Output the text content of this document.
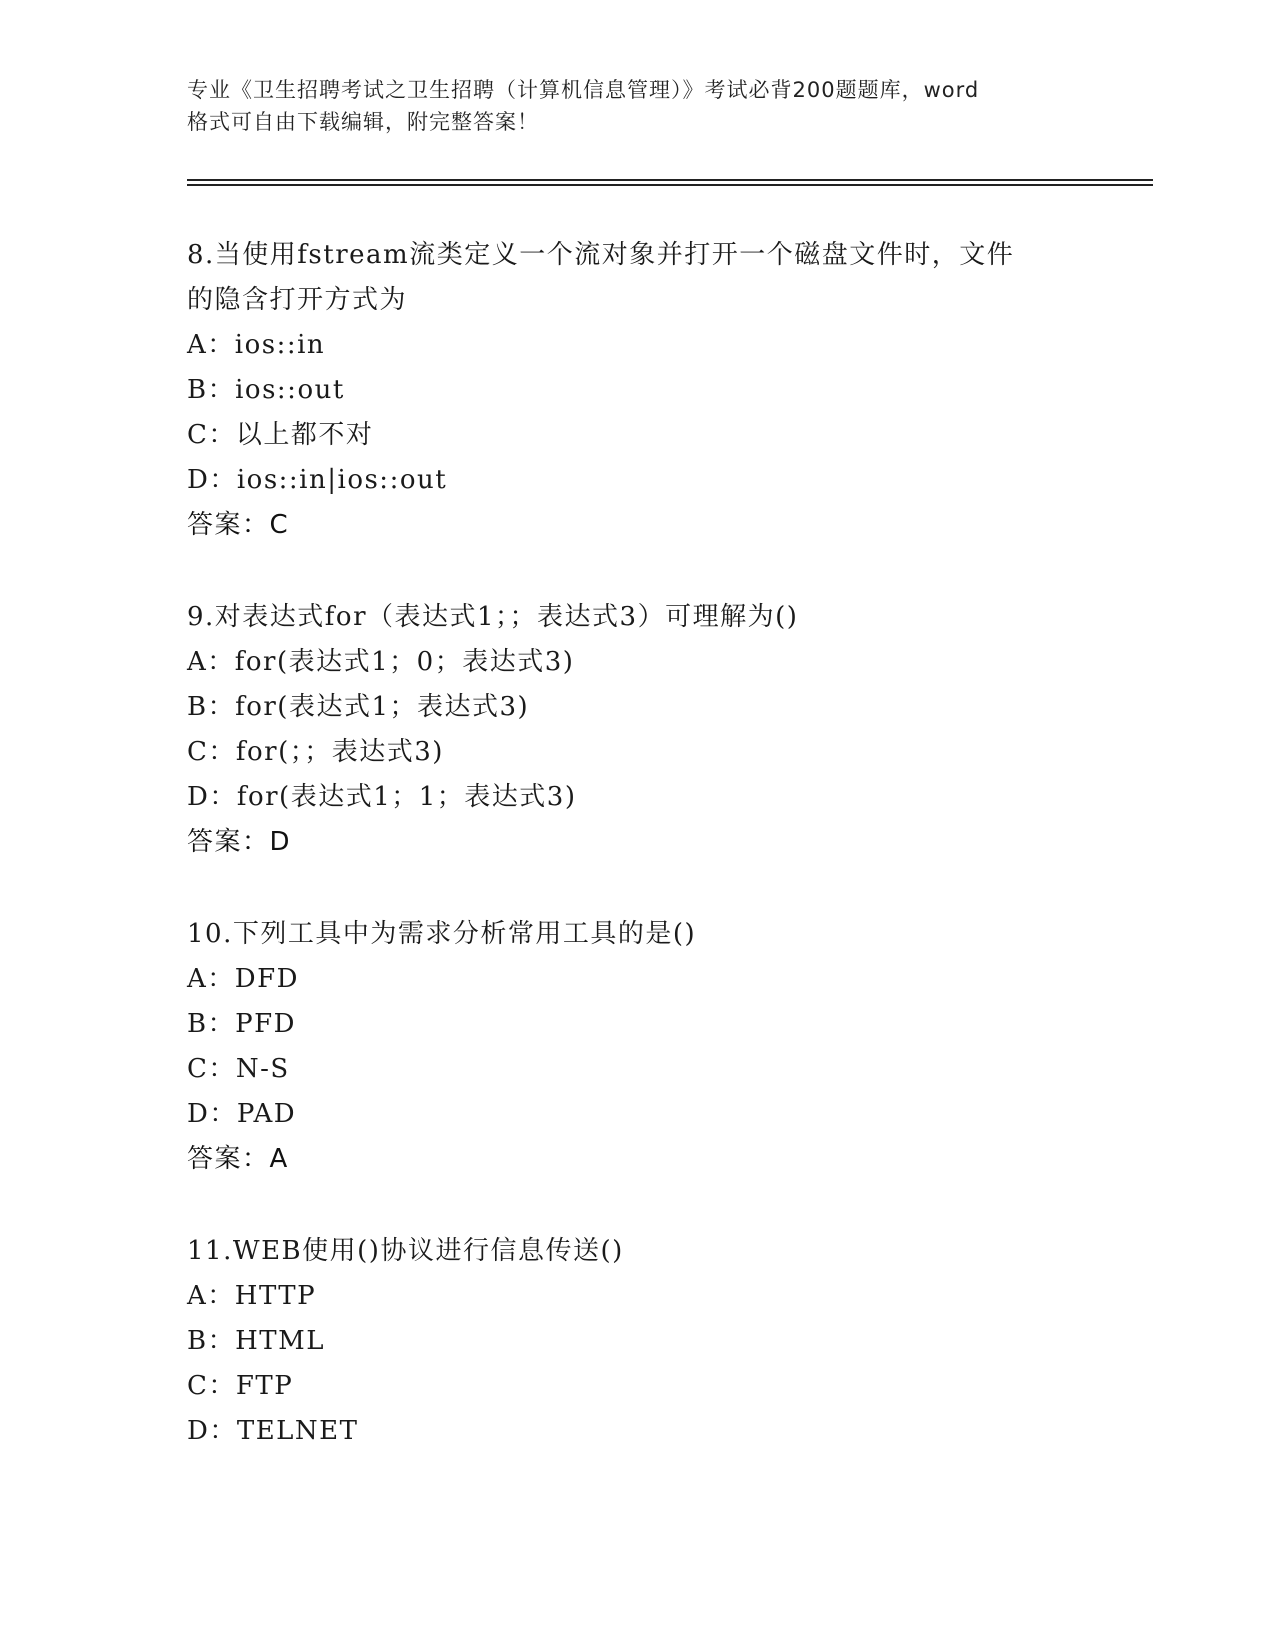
专业《卫生招聘考试之卫生招聘（计算机信息管理）》考试必背200题题库，word
格式可自由下载编辑，附完整答案！

8.当使用fstream流类定义一个流对象并打开一个磁盘文件时，文件

的隐含打开方式为

A：ios::in

B：ios::out

C：以上都不对

D：ios::in|ios::out

答案：C

9.对表达式for（表达式1；；表达式3）可理解为()

A：for(表达式1；0；表达式3)

B：for(表达式1；表达式3)

C：for(；；表达式3)

D：for(表达式1；1；表达式3)

答案：D

10.下列工具中为需求分析常用工具的是()

A：DFD

B：PFD

C：N-S

D：PAD

答案：A

11.WEB使用()协议进行信息传送()

A：HTTP

B：HTML

C：FTP

D：TELNET
